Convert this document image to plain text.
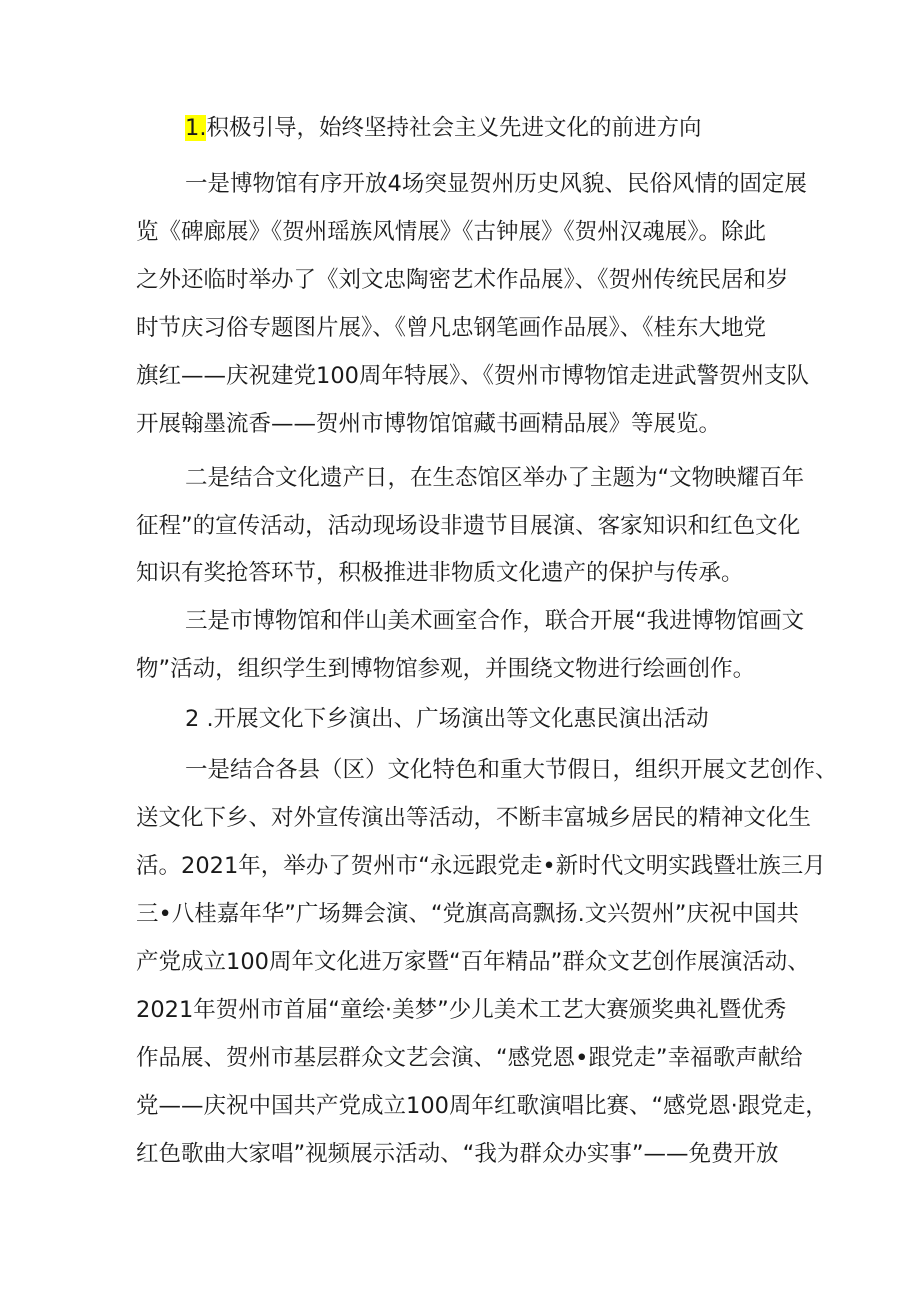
1.积极引导，始终坚持社会主义先进文化的前进方向
一是博物馆有序开放4场突显贺州历史风貌、民俗风情的固定展
览《碑廊展》《贺州瑶族风情展》《古钟展》《贺州汉魂展》。除此
之外还临时举办了《刘文忠陶密艺术作品展》、《贺州传统民居和岁
时节庆习俗专题图片展》、《曾凡忠钢笔画作品展》、《桂东大地党
旗红——庆祝建党100周年特展》、《贺州市博物馆走进武警贺州支队
开展翰墨流香——贺州市博物馆馆藏书画精品展》等展览。
二是结合文化遗产日，在生态馆区举办了主题为“文物映耀百年
征程”的宣传活动，活动现场设非遗节目展演、客家知识和红色文化
知识有奖抢答环节，积极推进非物质文化遗产的保护与传承。
三是市博物馆和伴山美术画室合作，联合开展“我进博物馆画文
物”活动，组织学生到博物馆参观，并围绕文物进行绘画创作。
2 .开展文化下乡演出、广场演出等文化惠民演出活动
一是结合各县（区）文化特色和重大节假日，组织开展文艺创作、
送文化下乡、对外宣传演出等活动，不断丰富城乡居民的精神文化生
活。2021年，举办了贺州市“永远跟党走•新时代文明实践暨壮族三月
三•八桂嘉年华”广场舞会演、“党旗高高飘扬.文兴贺州”庆祝中国共
产党成立100周年文化进万家暨“百年精品”群众文艺创作展演活动、
2021年贺州市首届“童绘·美梦”少儿美术工艺大赛颁奖典礼暨优秀
作品展、贺州市基层群众文艺会演、“感党恩•跟党走”幸福歌声献给
党——庆祝中国共产党成立100周年红歌演唱比赛、“感党恩·跟党走，
红色歌曲大家唱”视频展示活动、“我为群众办实事”——免费开放
